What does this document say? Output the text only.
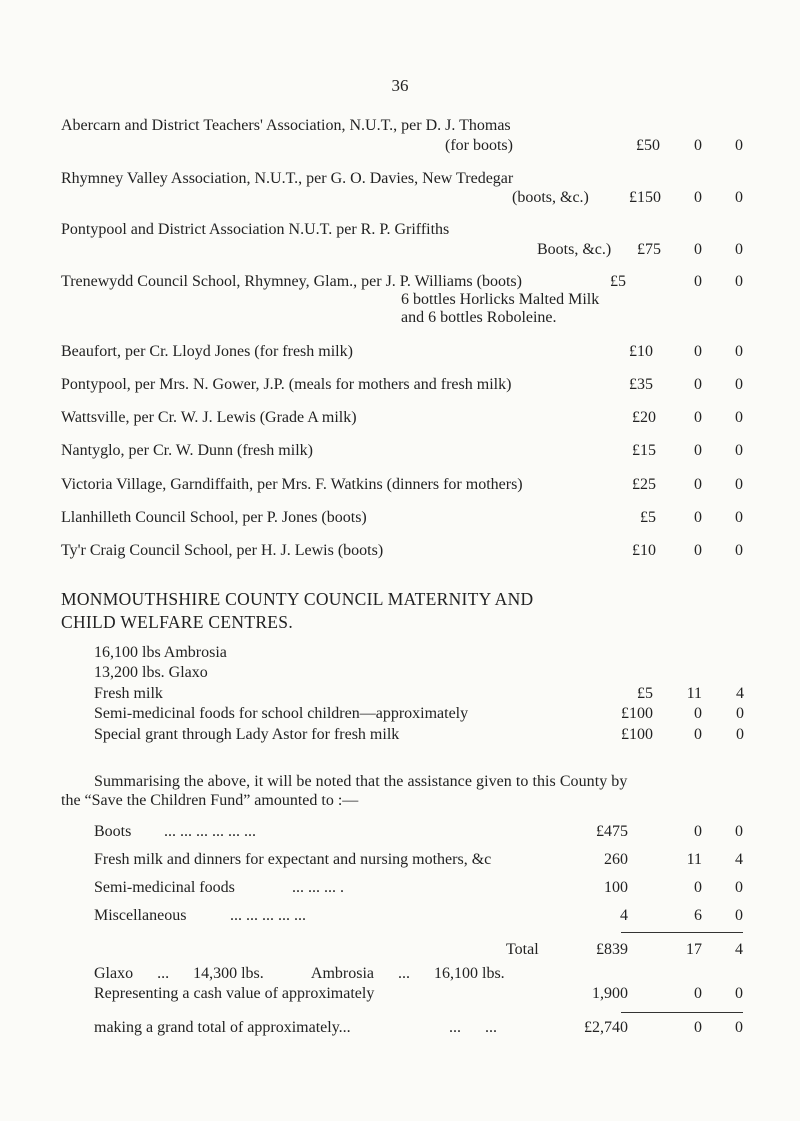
36
Abercarn and District Teachers' Association, N.U.T., per D. J. Thomas
(for boots)	£50	0	0
Rhymney Valley Association, N.U.T., per G. O. Davies, New Tredegar
(boots, &c.)	£150	0	0
Pontypool and District Association N.U.T. per R. P. Griffiths
Boots, &c.)	£75	0	0
Trenewydd Council School, Rhymney, Glam., per J. P. Williams (boots)	£5	0	0
6 bottles Horlicks Malted Milk
and 6 bottles Roboleine.
Beaufort, per Cr. Lloyd Jones (for fresh milk)	£10	0	0
Pontypool, per Mrs. N. Gower, J.P. (meals for mothers and fresh milk)	£35	0	0
Wattsville, per Cr. W. J. Lewis (Grade A milk)	£20	0	0
Nantyglo, per Cr. W. Dunn (fresh milk)	£15	0	0
Victoria Village, Garndiffaith, per Mrs. F. Watkins (dinners for mothers)	£25	0	0
Llanhilleth Council School, per P. Jones (boots)	£5	0	0
Ty'r Craig Council School, per H. J. Lewis (boots)	£10	0	0
MONMOUTHSHIRE COUNTY COUNCIL MATERNITY AND
CHILD WELFARE CENTRES.
16,100 lbs Ambrosia
13,200 lbs. Glaxo
Fresh milk	£5	11	4
Semi-medicinal foods for school children—approximately	£100	0	0
Special grant through Lady Astor for fresh milk	£100	0	0
Summarising the above, it will be noted that the assistance given to this County by
the “Save the Children Fund” amounted to :—
Boots ... ... ... ... ... ...	£475	0	0
Fresh milk and dinners for expectant and nursing mothers, &c	260	11	4
Semi-medicinal foods	... ... ... .	100	0	0
Miscellaneous	... ... ... ... ...	4	6	0
Total	£839	17	4
Glaxo      ...      14,300 lbs.            Ambrosia      ...      16,100 lbs.
Representing a cash value of approximately	1,900	0	0
making a grand total of approximately...	...      ...	£2,740	0	0
